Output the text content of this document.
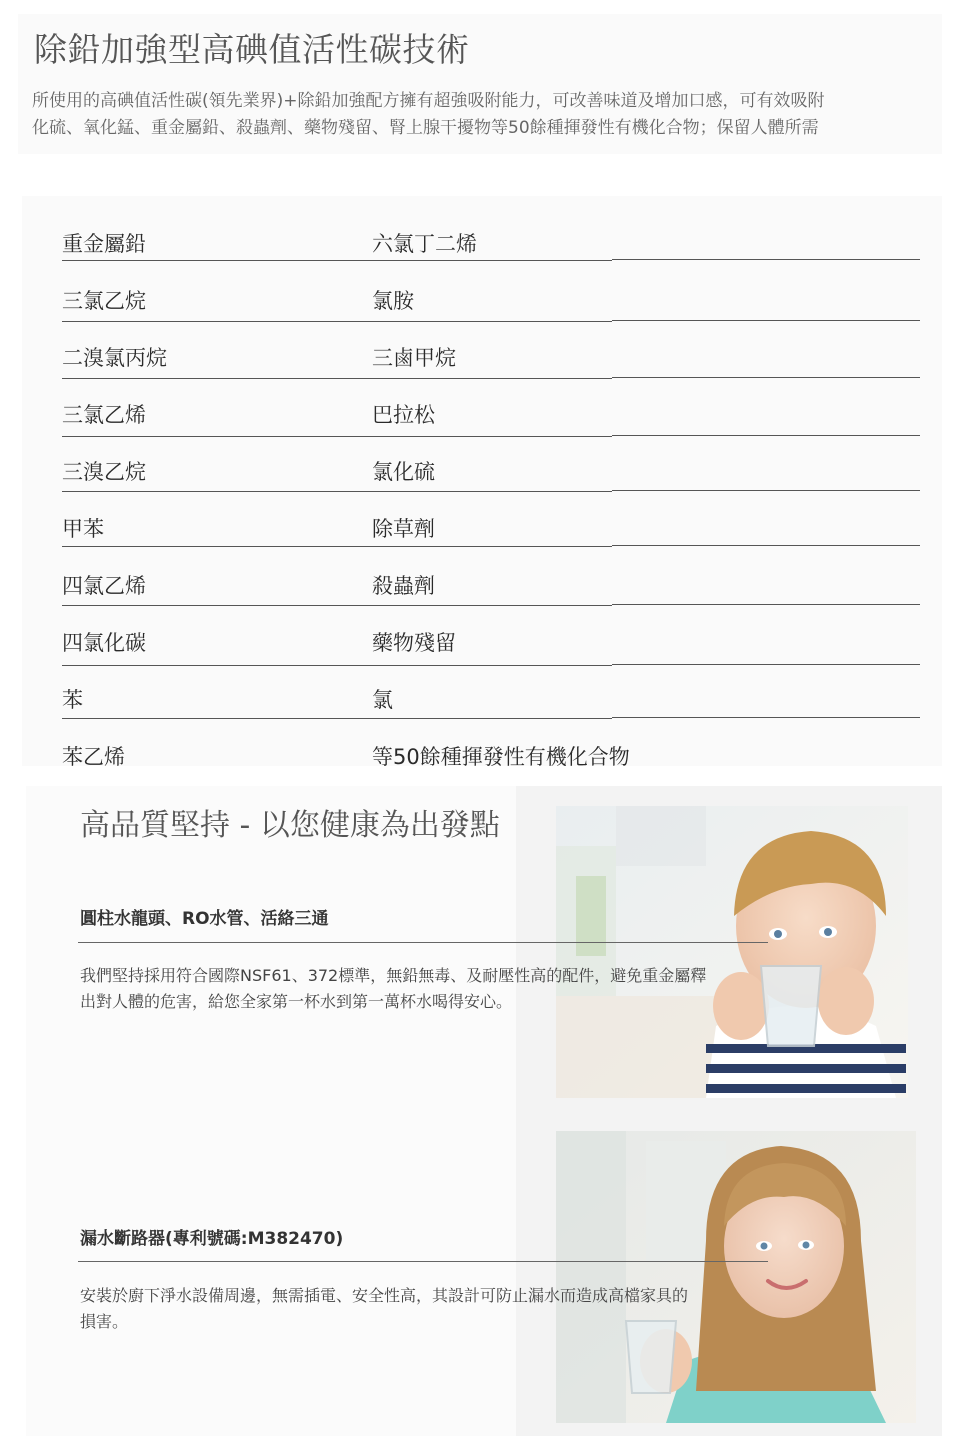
除鉛加強型高碘值活性碳技術
所使用的高碘值活性碳(領先業界)+除鉛加強配方擁有超強吸附能力，可改善味道及增加口感，可有效吸附
化硫、氧化錳、重金屬鉛、殺蟲劑、藥物殘留、腎上腺干擾物等50餘種揮發性有機化合物；保留人體所需
重金屬鉛	六氯丁二烯
三氯乙烷	氯胺
二溴氯丙烷	三鹵甲烷
三氯乙烯	巴拉松
三溴乙烷	氯化硫
甲苯	除草劑
四氯乙烯	殺蟲劑
四氯化碳	藥物殘留
苯	氯
苯乙烯	等50餘種揮發性有機化合物
高品質堅持 - 以您健康為出發點
圓柱水龍頭、RO水管、活絡三通
我們堅持採用符合國際NSF61、372標準，無鉛無毒、及耐壓性高的配件，避免重金屬釋
出對人體的危害，給您全家第一杯水到第一萬杯水喝得安心。
漏水斷路器(專利號碼:M382470)
安裝於廚下淨水設備周邊，無需插電、安全性高，其設計可防止漏水而造成高檔家具的
損害。
